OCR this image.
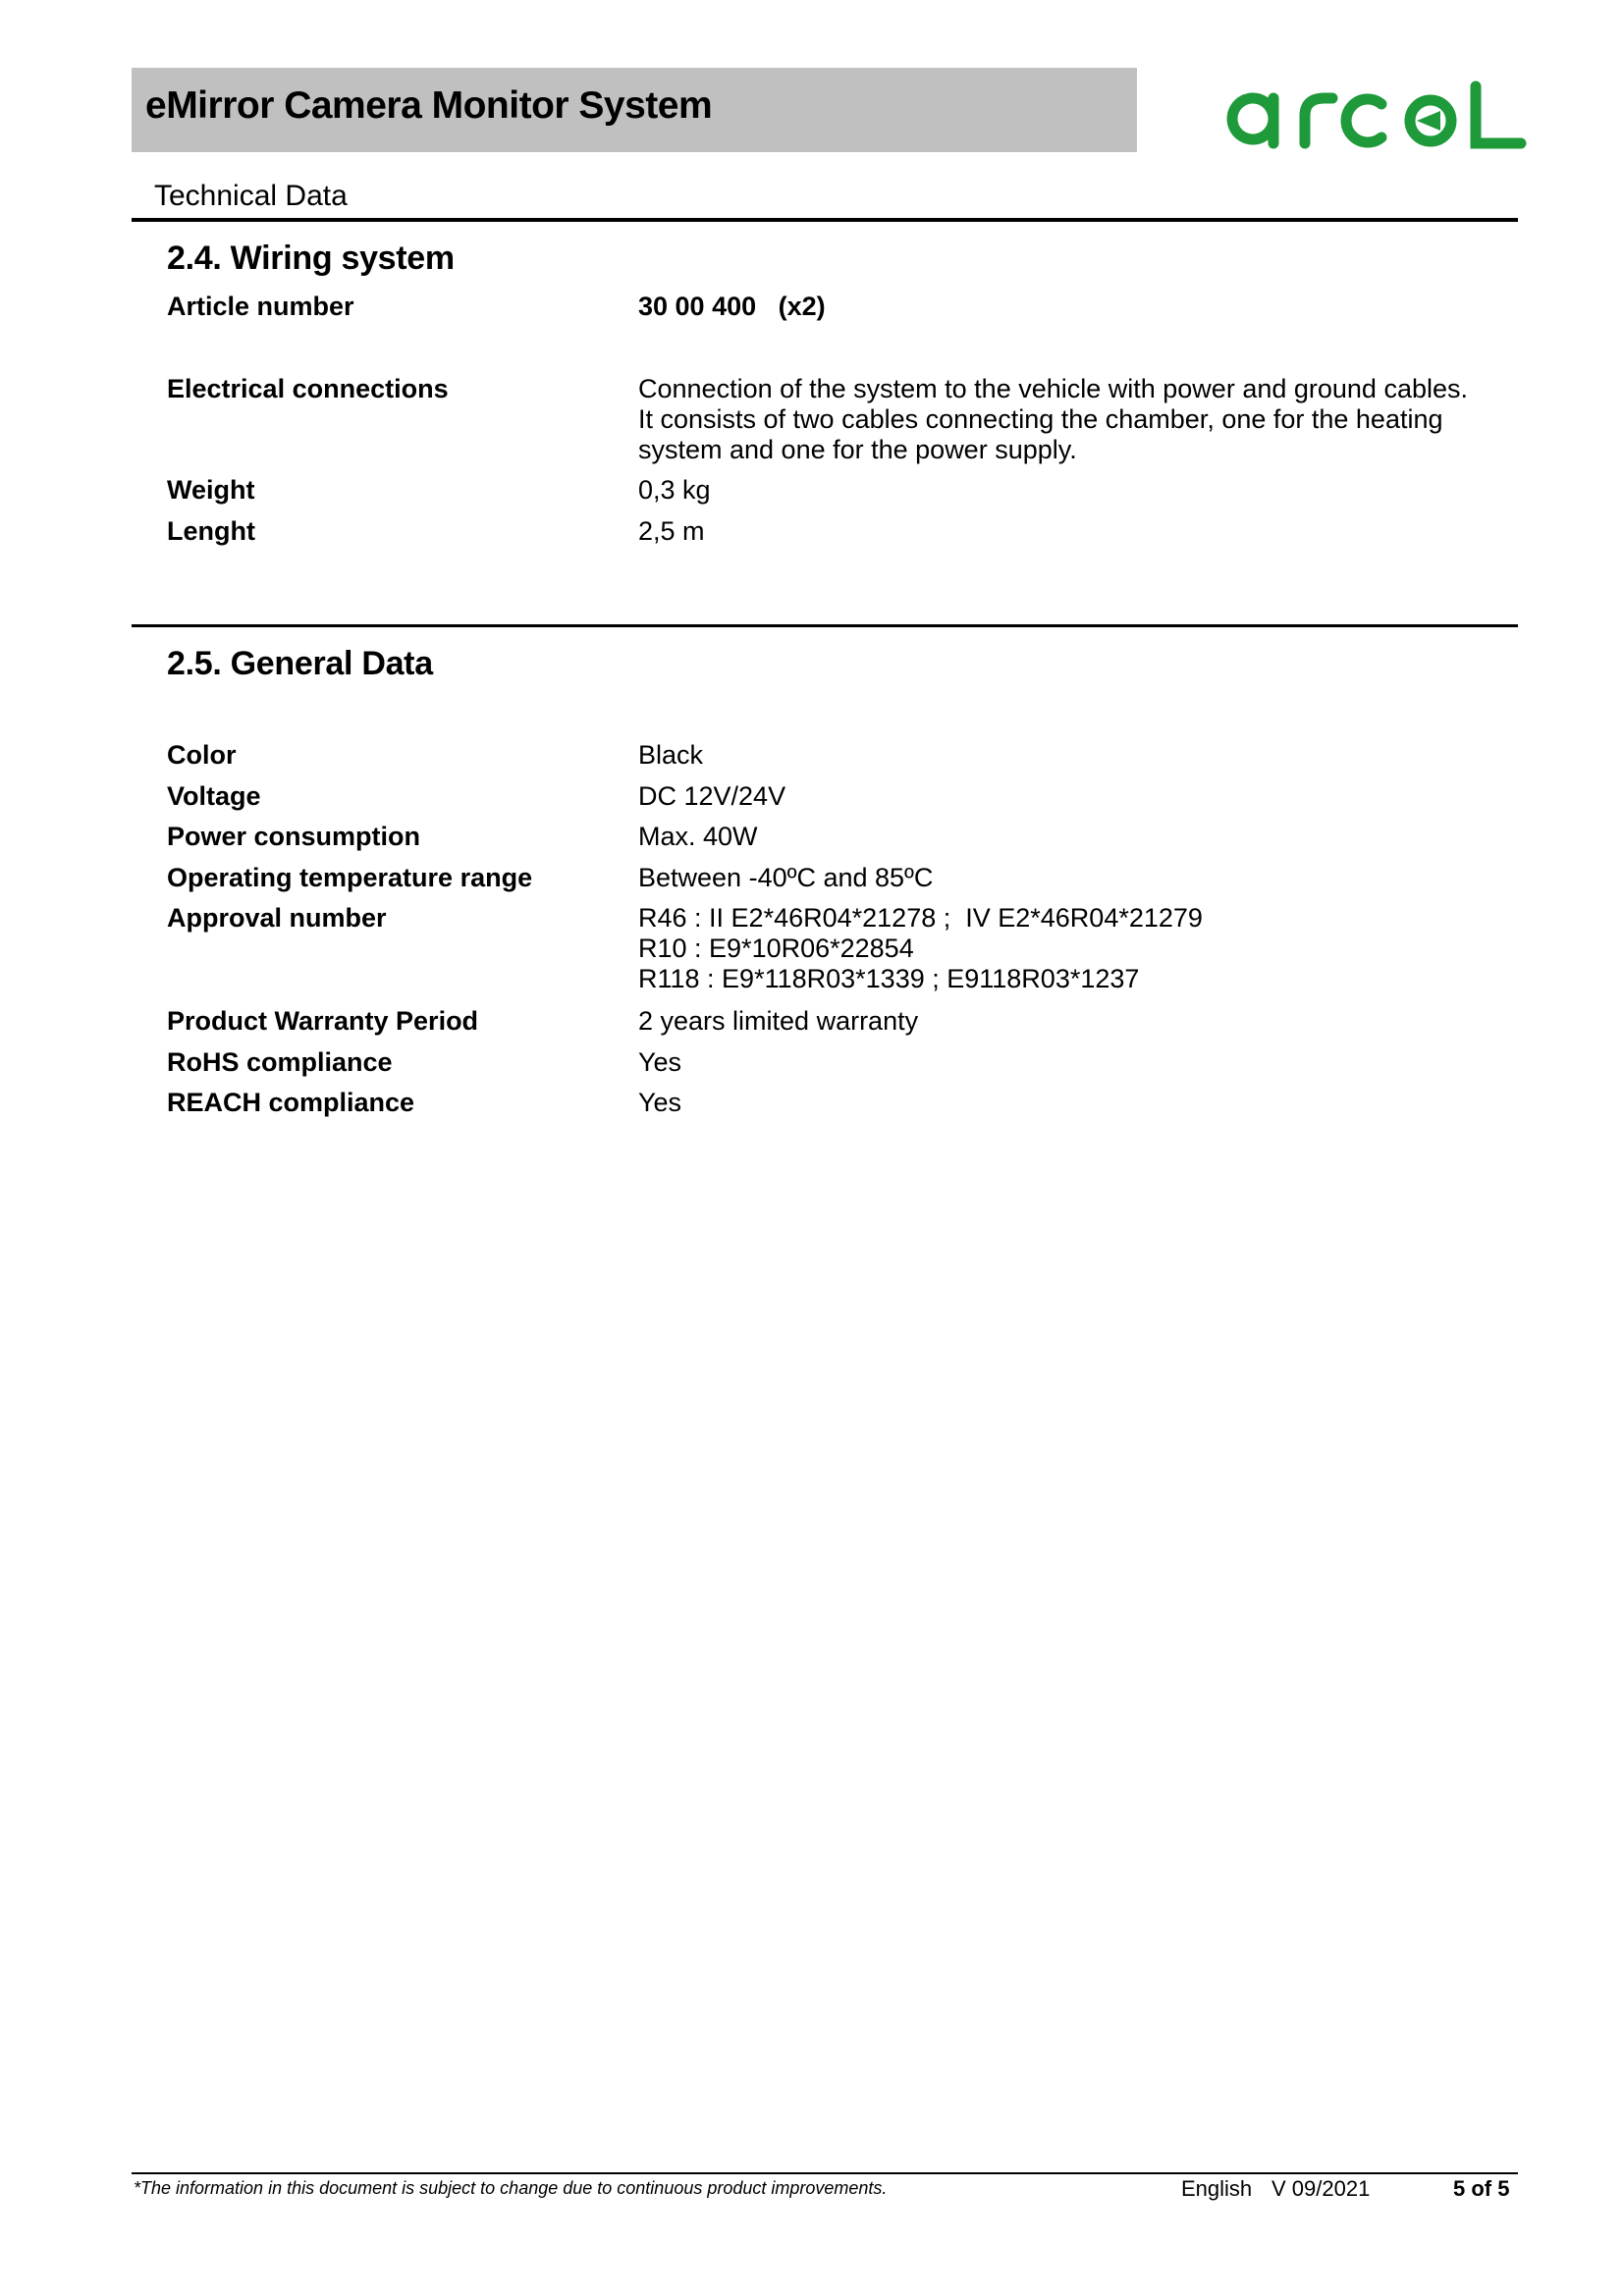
eMirror Camera Monitor System
Technical Data
2.4. Wiring system
Article number	30 00 400   (x2)
Electrical connections	Connection of the system to the vehicle with power and ground cables.
It consists of two cables connecting the chamber, one for the heating
system and one for the power supply.
Weight	0,3 kg
Lenght	2,5 m
2.5. General Data
Color	Black
Voltage	DC 12V/24V
Power consumption	Max. 40W
Operating temperature range	Between -40ºC and 85ºC
Approval number	R46 : II E2*46R04*21278 ;  IV E2*46R04*21279
R10 : E9*10R06*22854
R118 : E9*118R03*1339 ; E9118R03*1237
Product Warranty Period	2 years limited warranty
RoHS compliance	Yes
REACH compliance	Yes
*The information in this document is subject to change due to continuous product improvements.	English V 09/2021	5 of 5
